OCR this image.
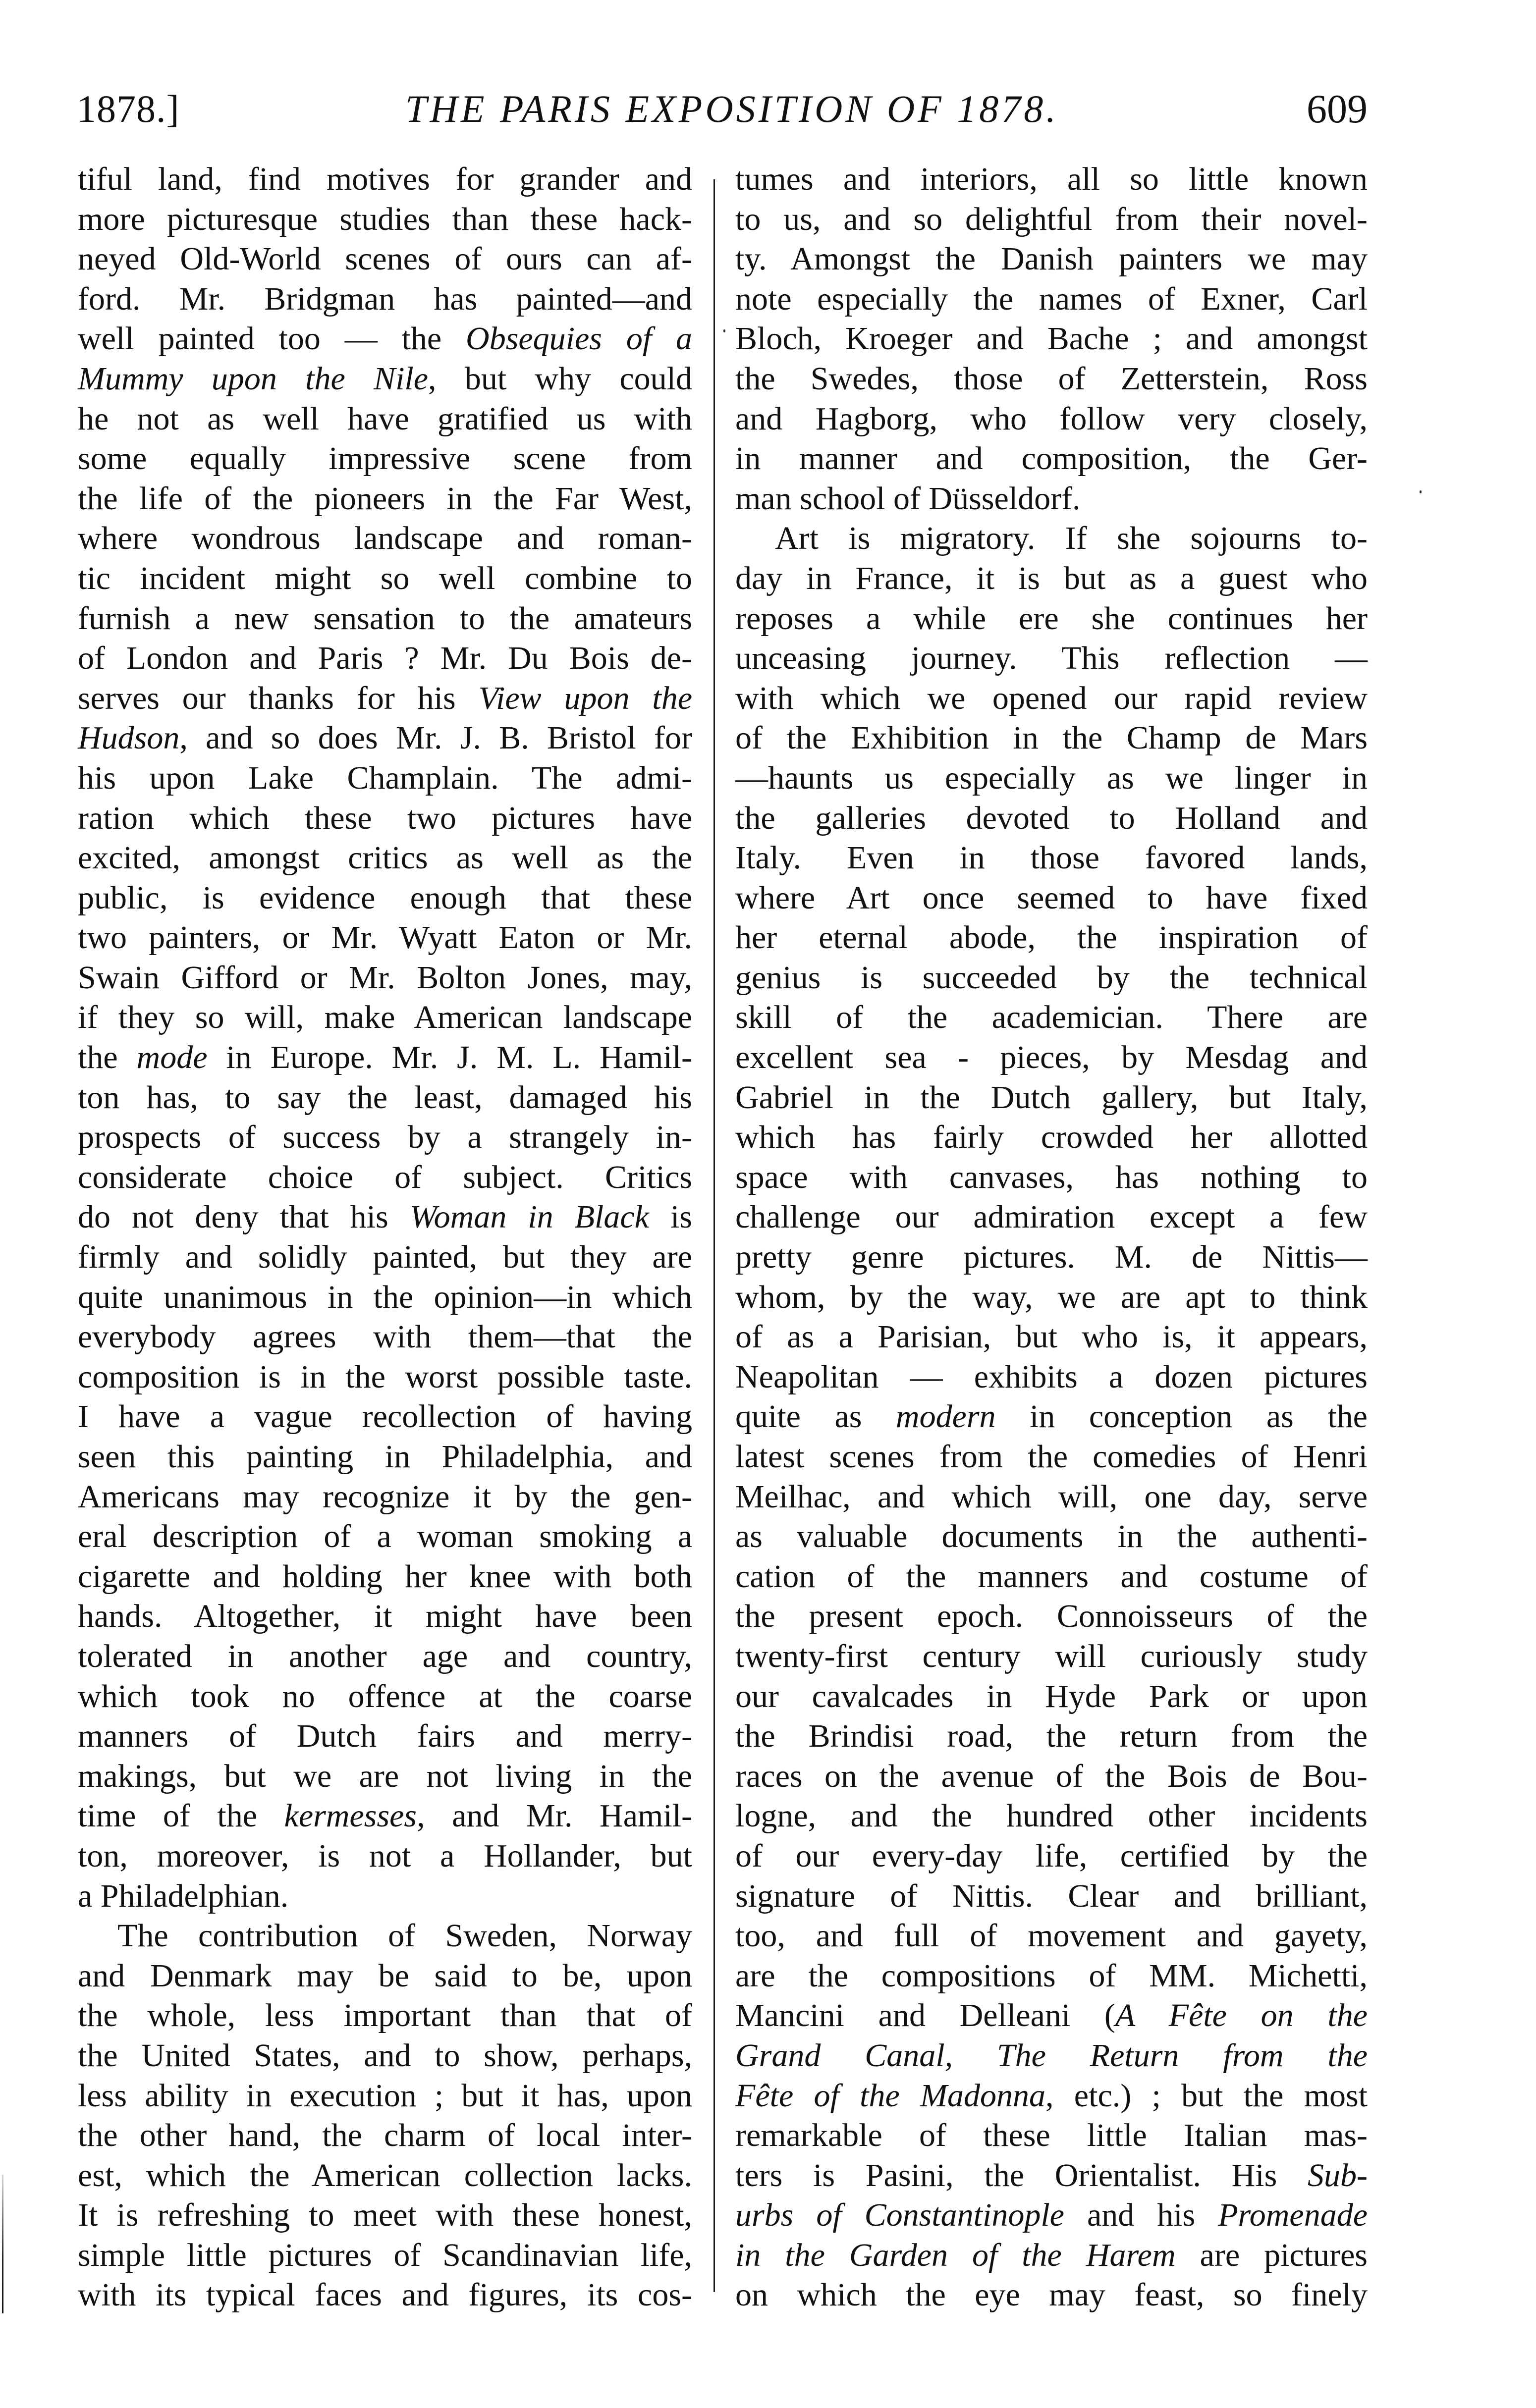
1878.]	THE PARIS EXPOSITION OF 1878.	609
tiful land, find motives for grander and
more picturesque studies than these hack-
neyed Old-World scenes of ours can af-
ford. Mr. Bridgman has painted—and
well painted too — the Obsequies of a
Mummy upon the Nile, but why could
he not as well have gratified us with
some equally impressive scene from
the life of the pioneers in the Far West,
where wondrous landscape and roman-
tic incident might so well combine to
furnish a new sensation to the amateurs
of London and Paris ? Mr. Du Bois de-
serves our thanks for his View upon the
Hudson, and so does Mr. J. B. Bristol for
his upon Lake Champlain. The admi-
ration which these two pictures have
excited, amongst critics as well as the
public, is evidence enough that these
two painters, or Mr. Wyatt Eaton or Mr.
Swain Gifford or Mr. Bolton Jones, may,
if they so will, make American landscape
the mode in Europe. Mr. J. M. L. Hamil-
ton has, to say the least, damaged his
prospects of success by a strangely in-
considerate choice of subject. Critics
do not deny that his Woman in Black is
firmly and solidly painted, but they are
quite unanimous in the opinion—in which
everybody agrees with them—that the
composition is in the worst possible taste.
I have a vague recollection of having
seen this painting in Philadelphia, and
Americans may recognize it by the gen-
eral description of a woman smoking a
cigarette and holding her knee with both
hands. Altogether, it might have been
tolerated in another age and country,
which took no offence at the coarse
manners of Dutch fairs and merry-
makings, but we are not living in the
time of the kermesses, and Mr. Hamil-
ton, moreover, is not a Hollander, but
a Philadelphian.
The contribution of Sweden, Norway
and Denmark may be said to be, upon
the whole, less important than that of
the United States, and to show, perhaps,
less ability in execution ; but it has, upon
the other hand, the charm of local inter-
est, which the American collection lacks.
It is refreshing to meet with these honest,
simple little pictures of Scandinavian life,
with its typical faces and figures, its cos-
tumes and interiors, all so little known
to us, and so delightful from their novel-
ty. Amongst the Danish painters we may
note especially the names of Exner, Carl
Bloch, Kroeger and Bache ; and amongst
the Swedes, those of Zetterstein, Ross
and Hagborg, who follow very closely,
in manner and composition, the Ger-
man school of Düsseldorf.
Art is migratory. If she sojourns to-
day in France, it is but as a guest who
reposes a while ere she continues her
unceasing journey. This reflection —
with which we opened our rapid review
of the Exhibition in the Champ de Mars
—haunts us especially as we linger in
the galleries devoted to Holland and
Italy. Even in those favored lands,
where Art once seemed to have fixed
her eternal abode, the inspiration of
genius is succeeded by the technical
skill of the academician. There are
excellent sea - pieces, by Mesdag and
Gabriel in the Dutch gallery, but Italy,
which has fairly crowded her allotted
space with canvases, has nothing to
challenge our admiration except a few
pretty genre pictures. M. de Nittis—
whom, by the way, we are apt to think
of as a Parisian, but who is, it appears,
Neapolitan — exhibits a dozen pictures
quite as modern in conception as the
latest scenes from the comedies of Henri
Meilhac, and which will, one day, serve
as valuable documents in the authenti-
cation of the manners and costume of
the present epoch. Connoisseurs of the
twenty-first century will curiously study
our cavalcades in Hyde Park or upon
the Brindisi road, the return from the
races on the avenue of the Bois de Bou-
logne, and the hundred other incidents
of our every-day life, certified by the
signature of Nittis. Clear and brilliant,
too, and full of movement and gayety,
are the compositions of MM. Michetti,
Mancini and Delleani (A Fête on the
Grand Canal, The Return from the
Fête of the Madonna, etc.) ; but the most
remarkable of these little Italian mas-
ters is Pasini, the Orientalist. His Sub-
urbs of Constantinople and his Promenade
in the Garden of the Harem are pictures
on which the eye may feast, so finely
